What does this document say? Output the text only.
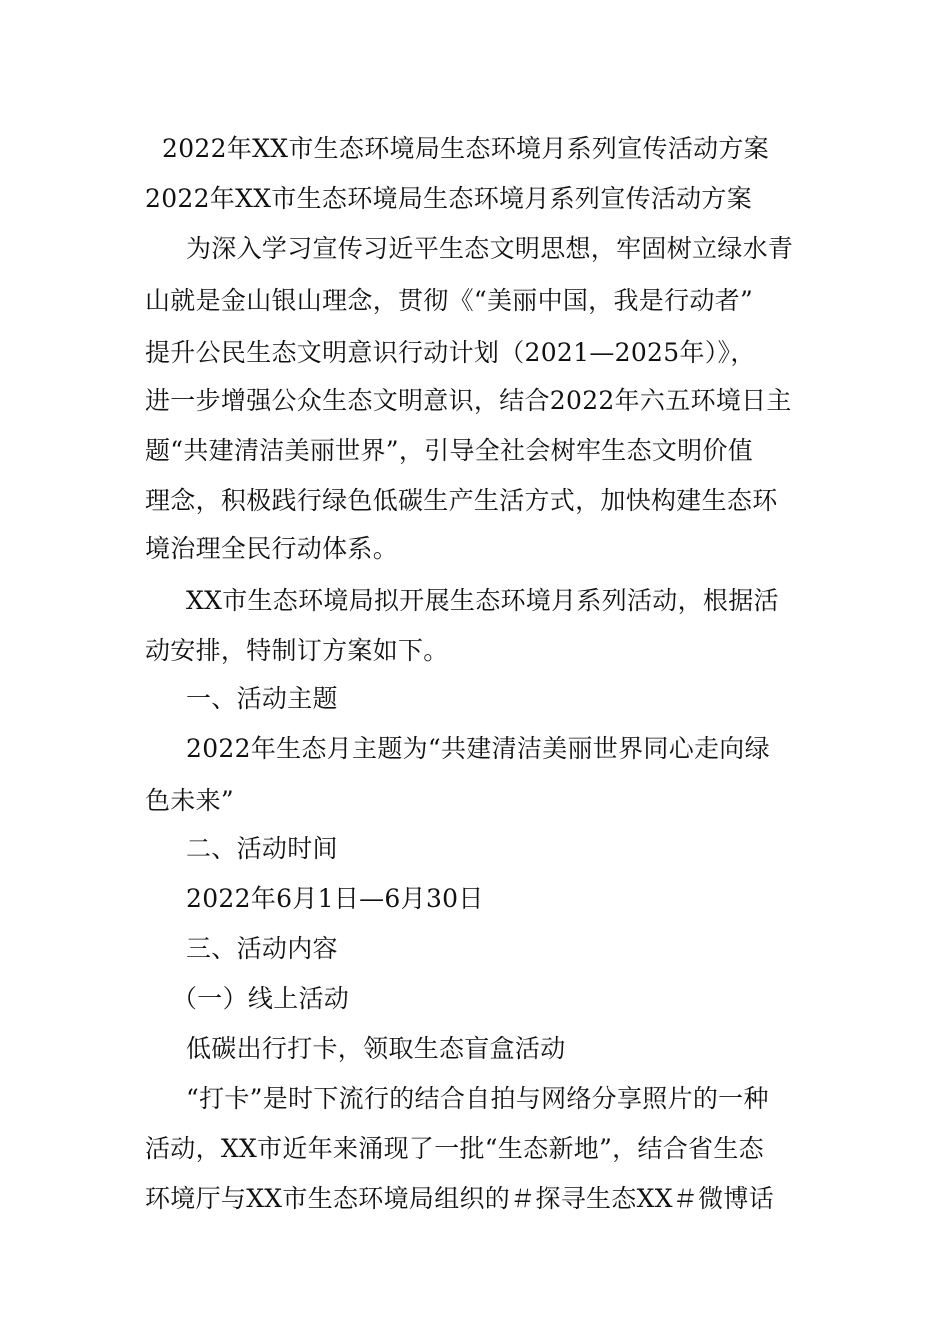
2022年XX市生态环境局生态环境月系列宣传活动方案
2022年XX市生态环境局生态环境月系列宣传活动方案
为深入学习宣传习近平生态文明思想，牢固树立绿水青
山就是金山银山理念，贯彻《“美丽中国，我是行动者”
提升公民生态文明意识行动计划（2021—2025年）》，
进一步增强公众生态文明意识，结合2022年六五环境日主
题“共建清洁美丽世界”，引导全社会树牢生态文明价值
理念，积极践行绿色低碳生产生活方式，加快构建生态环
境治理全民行动体系。
XX市生态环境局拟开展生态环境月系列活动，根据活
动安排，特制订方案如下。
一、活动主题
2022年生态月主题为“共建清洁美丽世界同心走向绿
色未来”
二、活动时间
2022年6月1日—6月30日
三、活动内容
（一）线上活动
低碳出行打卡，领取生态盲盒活动
“打卡”是时下流行的结合自拍与网络分享照片的一种
活动，XX市近年来涌现了一批“生态新地”，结合省生态
环境厅与XX市生态环境局组织的＃探寻生态XX＃微博话
